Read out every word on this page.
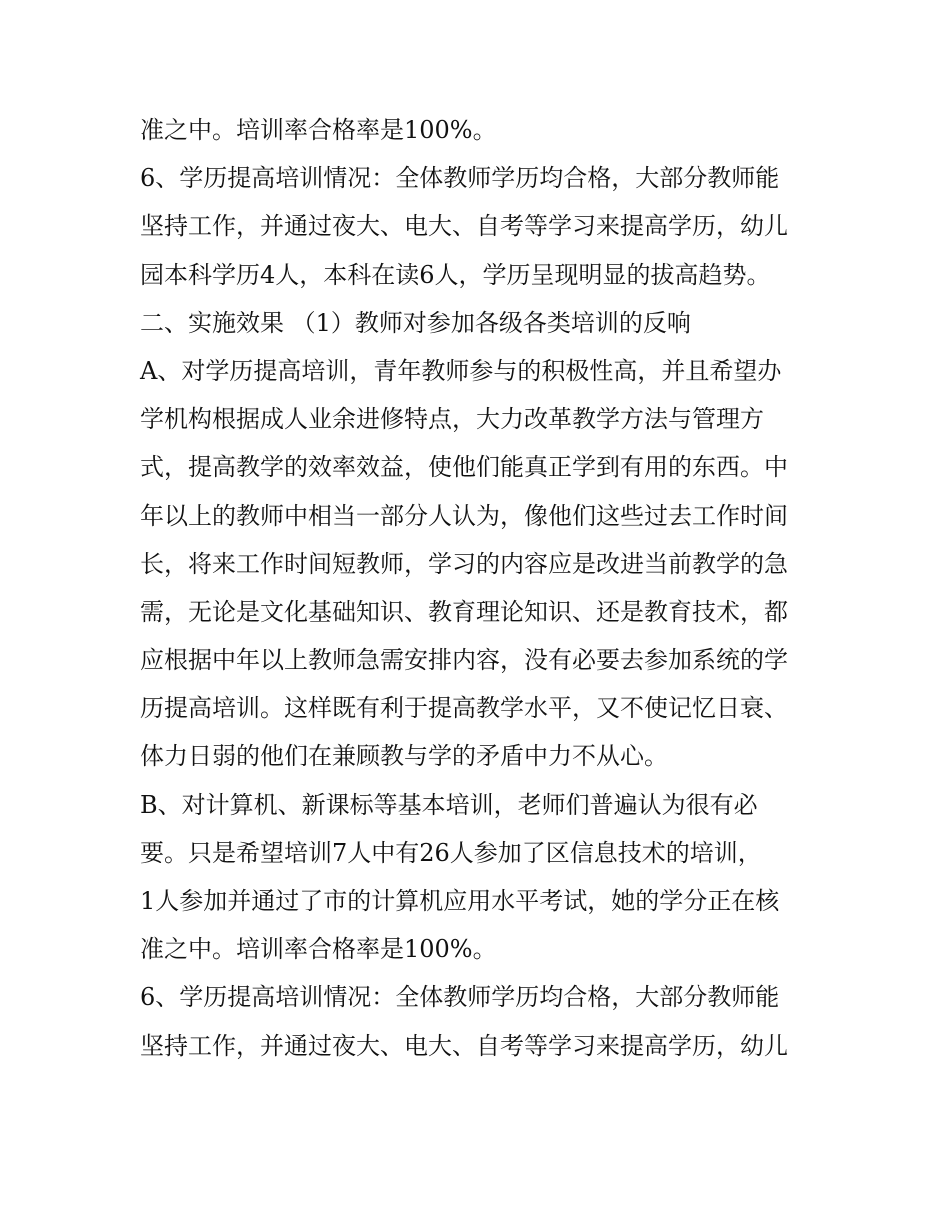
准之中。培训率合格率是100%。
6、学历提高培训情况：全体教师学历均合格，大部分教师能
坚持工作，并通过夜大、电大、自考等学习来提高学历，幼儿
园本科学历4人，本科在读6人，学历呈现明显的拔高趋势。
二、实施效果 （1）教师对参加各级各类培训的反响
A、对学历提高培训，青年教师参与的积极性高，并且希望办
学机构根据成人业余进修特点，大力改革教学方法与管理方
式，提高教学的效率效益，使他们能真正学到有用的东西。中
年以上的教师中相当一部分人认为，像他们这些过去工作时间
长，将来工作时间短教师，学习的内容应是改进当前教学的急
需，无论是文化基础知识、教育理论知识、还是教育技术，都
应根据中年以上教师急需安排内容，没有必要去参加系统的学
历提高培训。这样既有利于提高教学水平，又不使记忆日衰、
体力日弱的他们在兼顾教与学的矛盾中力不从心。
B、对计算机、新课标等基本培训，老师们普遍认为很有必
要。只是希望培训7人中有26人参加了区信息技术的培训，
1人参加并通过了市的计算机应用水平考试，她的学分正在核
准之中。培训率合格率是100%。
6、学历提高培训情况：全体教师学历均合格，大部分教师能
坚持工作，并通过夜大、电大、自考等学习来提高学历，幼儿
